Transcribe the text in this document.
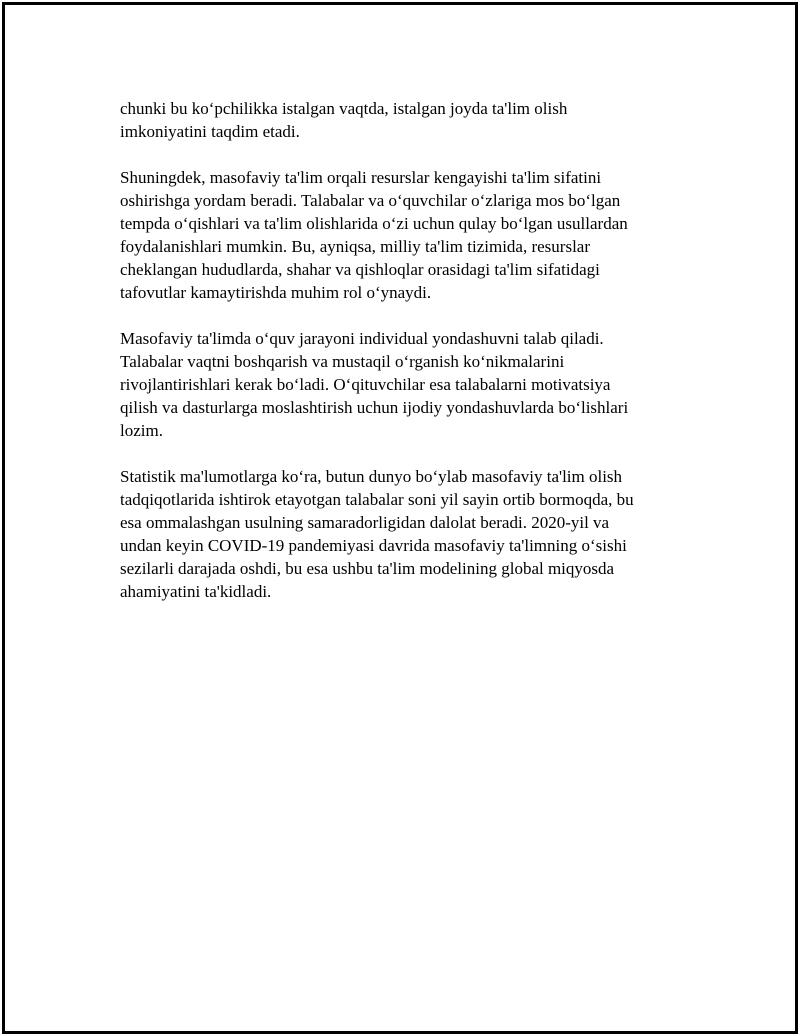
chunki bu koʻpchilikka istalgan vaqtda, istalgan joyda ta'lim olish
imkoniyatini taqdim etadi.

Shuningdek, masofaviy ta'lim orqali resurslar kengayishi ta'lim sifatini
oshirishga yordam beradi. Talabalar va oʻquvchilar oʻzlariga mos boʻlgan
tempda oʻqishlari va ta'lim olishlarida oʻzi uchun qulay boʻlgan usullardan
foydalanishlari mumkin. Bu, ayniqsa, milliy ta'lim tizimida, resurslar
cheklangan hududlarda, shahar va qishloqlar orasidagi ta'lim sifatidagi
tafovutlar kamaytirishda muhim rol oʻynaydi.

Masofaviy ta'limda oʻquv jarayoni individual yondashuvni talab qiladi.
Talabalar vaqtni boshqarish va mustaqil oʻrganish koʻnikmalarini
rivojlantirishlari kerak boʻladi. Oʻqituvchilar esa talabalarni motivatsiya
qilish va dasturlarga moslashtirish uchun ijodiy yondashuvlarda boʻlishlari
lozim.

Statistik ma'lumotlarga koʻra, butun dunyo boʻylab masofaviy ta'lim olish
tadqiqotlarida ishtirok etayotgan talabalar soni yil sayin ortib bormoqda, bu
esa ommalashgan usulning samaradorligidan dalolat beradi. 2020-yil va
undan keyin COVID-19 pandemiyasi davrida masofaviy ta'limning oʻsishi
sezilarli darajada oshdi, bu esa ushbu ta'lim modelining global miqyosda
ahamiyatini ta'kidladi.
